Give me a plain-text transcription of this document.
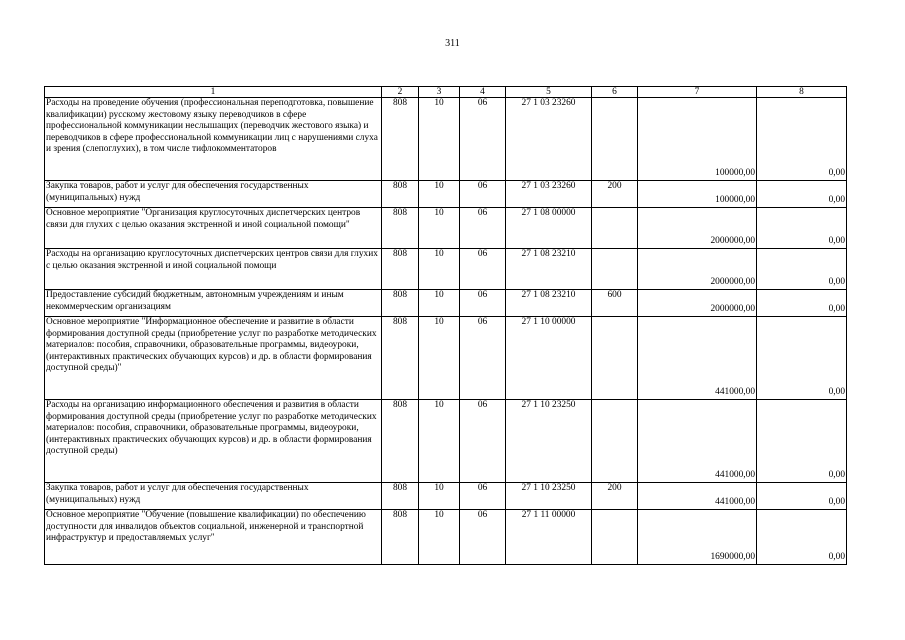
311
1	2	3	4	5	6	7	8
Расходы на проведение обучения (профессиональная переподготовка, повышение квалификации) русскому жестовому языку переводчиков в сфере профессиональной коммуникации неслышащих (переводчик жестового языка) и переводчиков в сфере профессиональной коммуникации лиц с нарушениями слуха и зрения (слепоглухих), в том числе тифлокомментаторов	808	10	06	27 1 03 23260		100000,00	0,00
Закупка товаров, работ и услуг для обеспечения государственных (муниципальных) нужд	808	10	06	27 1 03 23260	200	100000,00	0,00
Основное мероприятие "Организация круглосуточных диспетчерских центров связи для глухих с целью оказания экстренной и иной социальной помощи"	808	10	06	27 1 08 00000		2000000,00	0,00
Расходы на организацию круглосуточных диспетчерских центров связи для глухих с целью оказания экстренной и иной социальной помощи	808	10	06	27 1 08 23210		2000000,00	0,00
Предоставление субсидий бюджетным, автономным учреждениям и иным некоммерческим организациям	808	10	06	27 1 08 23210	600	2000000,00	0,00
Основное мероприятие "Информационное обеспечение и развитие в области формирования доступной среды (приобретение услуг по разработке методических материалов: пособия, справочники, образовательные программы, видеоуроки, (интерактивных практических обучающих курсов) и др. в области формирования доступной среды)"	808	10	06	27 1 10 00000		441000,00	0,00
Расходы на организацию информационного обеспечения и развития в области формирования доступной среды (приобретение услуг по разработке методических материалов: пособия, справочники, образовательные программы, видеоуроки, (интерактивных практических обучающих курсов) и др. в области формирования доступной среды)	808	10	06	27 1 10 23250		441000,00	0,00
Закупка товаров, работ и услуг для обеспечения государственных (муниципальных) нужд	808	10	06	27 1 10 23250	200	441000,00	0,00
Основное мероприятие "Обучение (повышение квалификации) по обеспечению доступности для инвалидов объектов социальной, инженерной и транспортной инфраструктур и предоставляемых услуг"	808	10	06	27 1 11 00000		1690000,00	0,00
